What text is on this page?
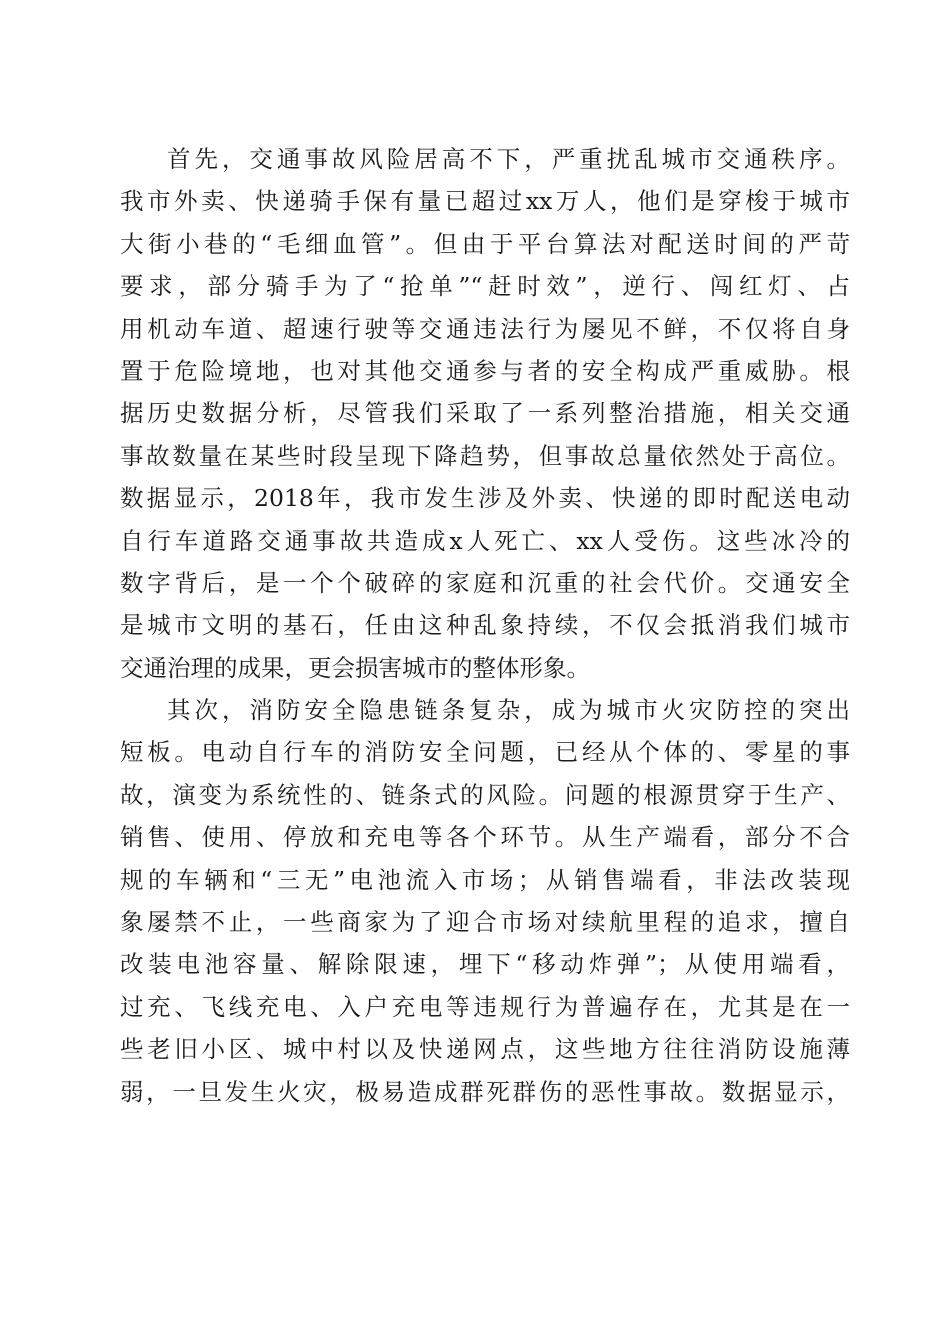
首先，交通事故风险居高不下，严重扰乱城市交通秩序。
我市外卖、快递骑手保有量已超过xx万人，他们是穿梭于城市
大街小巷的“毛细血管”。但由于平台算法对配送时间的严苛
要求，部分骑手为了“抢单”“赶时效”，逆行、闯红灯、占
用机动车道、超速行驶等交通违法行为屡见不鲜，不仅将自身
置于危险境地，也对其他交通参与者的安全构成严重威胁。根
据历史数据分析，尽管我们采取了一系列整治措施，相关交通
事故数量在某些时段呈现下降趋势，但事故总量依然处于高位。
数据显示，2018年，我市发生涉及外卖、快递的即时配送电动
自行车道路交通事故共造成x人死亡、xx人受伤。这些冰冷的
数字背后，是一个个破碎的家庭和沉重的社会代价。交通安全
是城市文明的基石，任由这种乱象持续，不仅会抵消我们城市
交通治理的成果，更会损害城市的整体形象。
其次，消防安全隐患链条复杂，成为城市火灾防控的突出
短板。电动自行车的消防安全问题，已经从个体的、零星的事
故，演变为系统性的、链条式的风险。问题的根源贯穿于生产、
销售、使用、停放和充电等各个环节。从生产端看，部分不合
规的车辆和“三无”电池流入市场；从销售端看，非法改装现
象屡禁不止，一些商家为了迎合市场对续航里程的追求，擅自
改装电池容量、解除限速，埋下“移动炸弹”；从使用端看，
过充、飞线充电、入户充电等违规行为普遍存在，尤其是在一
些老旧小区、城中村以及快递网点，这些地方往往消防设施薄
弱，一旦发生火灾，极易造成群死群伤的恶性事故。数据显示，
